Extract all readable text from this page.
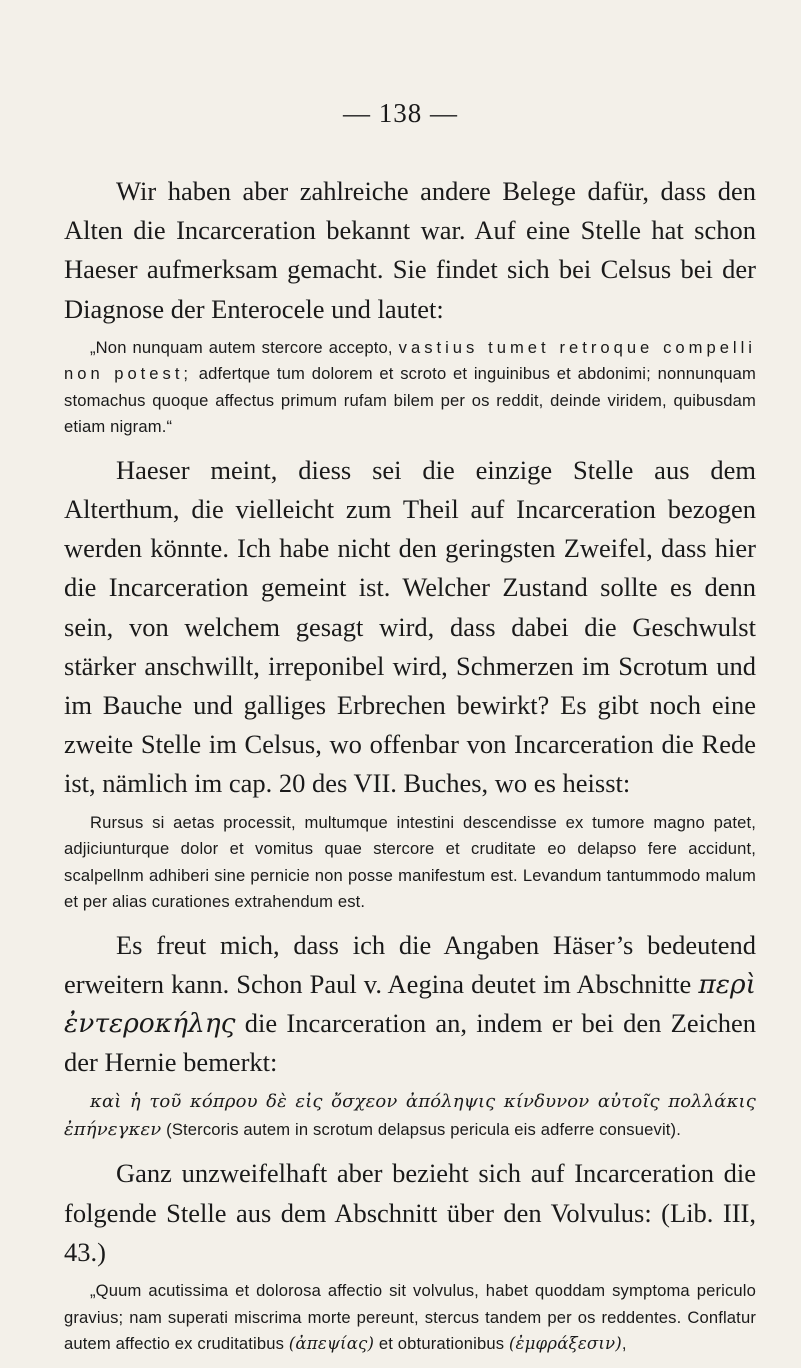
— 138 —

Wir haben aber zahlreiche andere Belege dafür, dass den Alten die Incarceration bekannt war. Auf eine Stelle hat schon Haeser aufmerksam gemacht. Sie findet sich bei Celsus bei der Diagnose der Enterocele und lautet:

„Non nunquam autem stercore accepto, vastius tumet retroque compelli non potest; adfertque tum dolorem et scroto et inguinibus et abdonimi; nonnunquam stomachus quoque affectus primum rufam bilem per os reddit, deinde viridem, quibusdam etiam nigram.“

Haeser meint, diess sei die einzige Stelle aus dem Alterthum, die vielleicht zum Theil auf Incarceration bezogen werden könnte. Ich habe nicht den geringsten Zweifel, dass hier die Incarceration gemeint ist. Welcher Zustand sollte es denn sein, von welchem gesagt wird, dass dabei die Geschwulst stärker anschwillt, irreponibel wird, Schmerzen im Scrotum und im Bauche und galliges Erbrechen bewirkt? Es gibt noch eine zweite Stelle im Celsus, wo offenbar von Incarceration die Rede ist, nämlich im cap. 20 des VII. Buches, wo es heisst:

Rursus si aetas processit, multumque intestini descendisse ex tumore magno patet, adjiciunturque dolor et vomitus quae stercore et cruditate eo delapso fere accidunt, scalpellnm adhiberi sine pernicie non posse manifestum est. Levandum tantummodo malum et per alias curationes extrahendum est.

Es freut mich, dass ich die Angaben Häser’s bedeutend erweitern kann. Schon Paul v. Aegina deutet im Abschnitte περὶ ἐντεροκήλης die Incarceration an, indem er bei den Zeichen der Hernie bemerkt:

καὶ ἡ τοῦ κόπρου δὲ εἰς ὄσχεον ἀπόληψις κίνδυνον αὐτοῖς πολλάκις ἐπήνεγκεν (Stercoris autem in scrotum delapsus pericula eis adferre consuevit).

Ganz unzweifelhaft aber bezieht sich auf Incarceration die folgende Stelle aus dem Abschnitt über den Volvulus: (Lib. III, 43.)

„Quum acutissima et dolorosa affectio sit volvulus, habet quoddam symptoma periculo gravius; nam superati miscrima morte pereunt, stercus tandem per os reddentes. Conflatur autem affectio ex cruditatibus (ἀπεψίας) et obturationibus (ἐμφράξεσιν),
